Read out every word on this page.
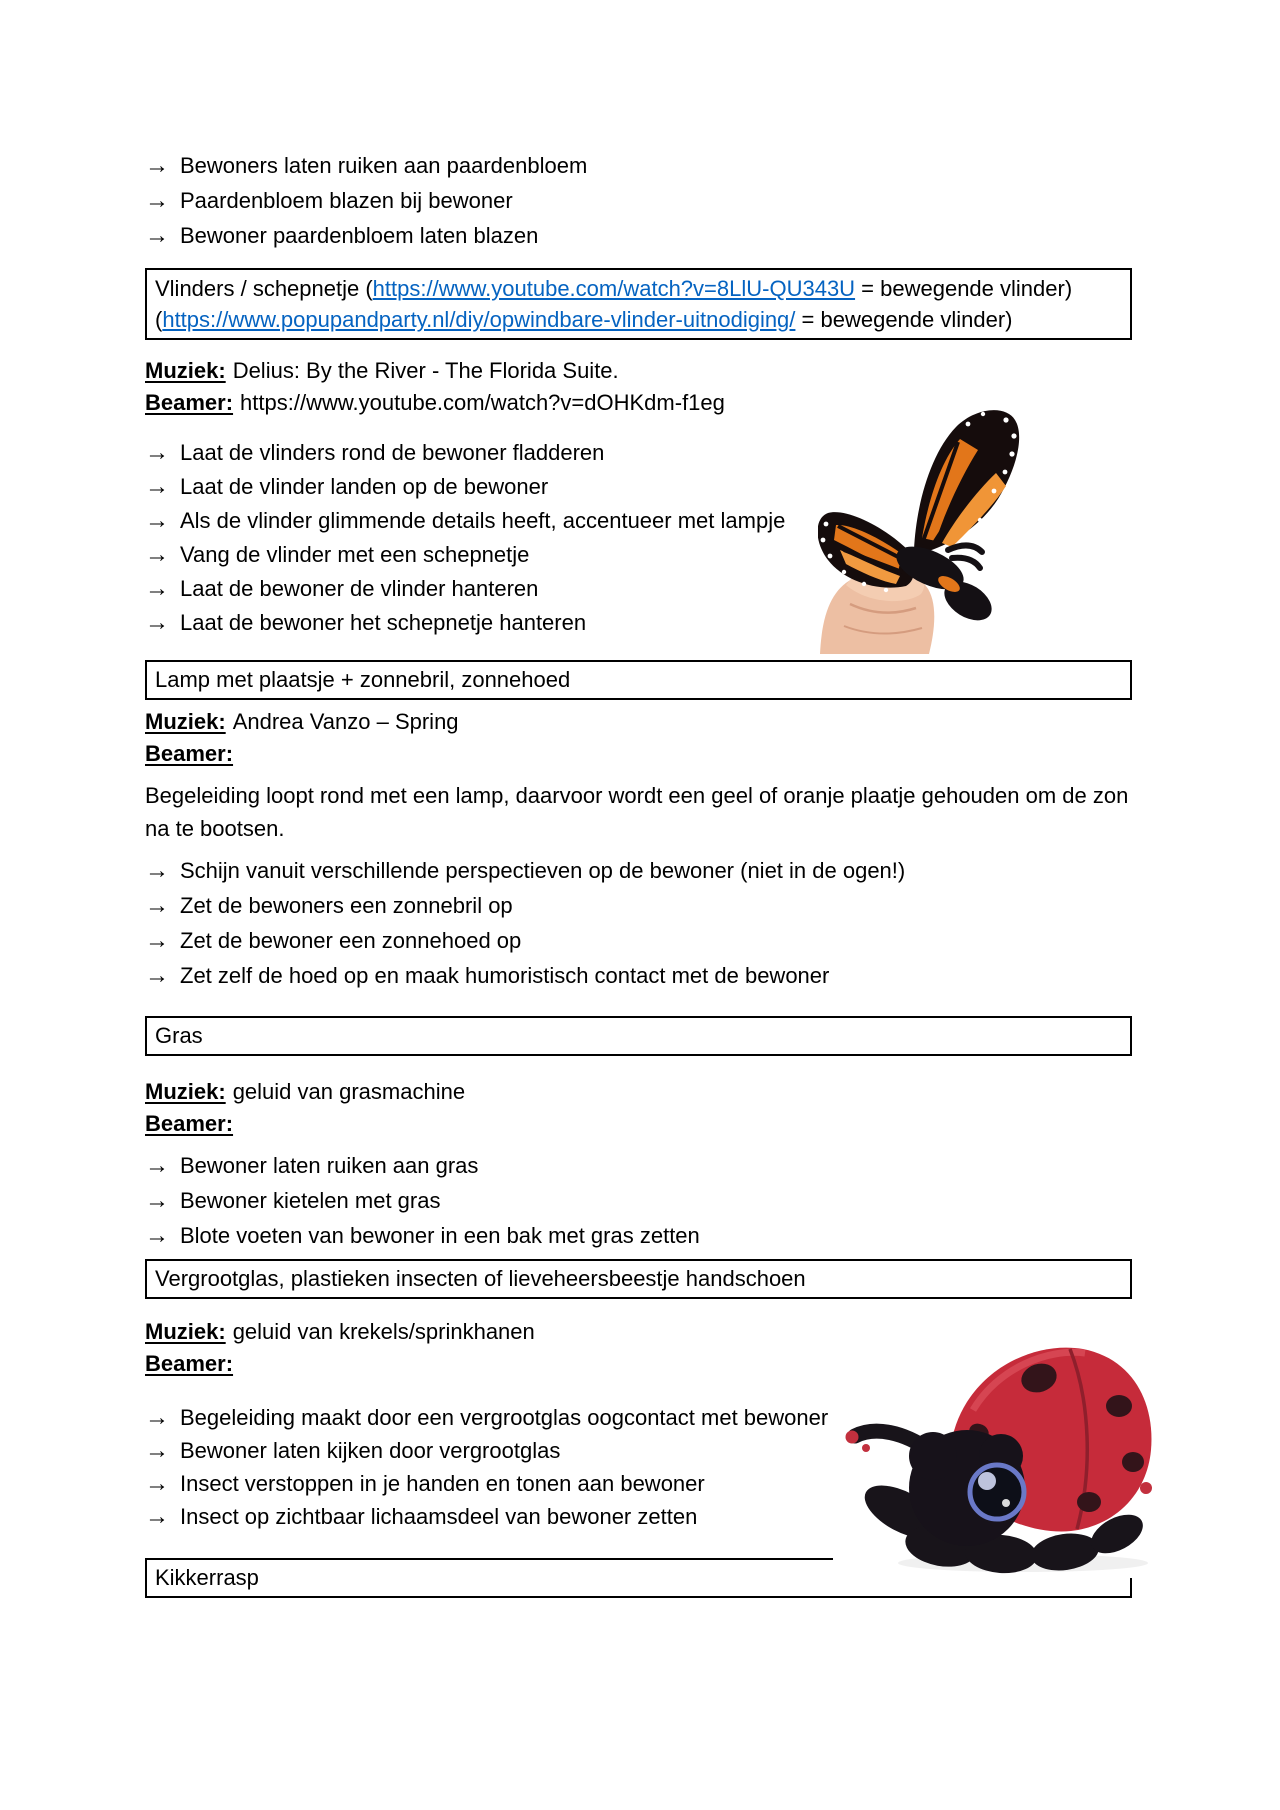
→ Bewoners laten ruiken aan paardenbloem
→ Paardenbloem blazen bij bewoner
→ Bewoner paardenbloem laten blazen
Vlinders / schepnetje (https://www.youtube.com/watch?v=8LlU-QU343U = bewegende vlinder)
(https://www.popupandparty.nl/diy/opwindbare-vlinder-uitnodiging/ = bewegende vlinder)
Muziek: Delius: By the River - The Florida Suite.
Beamer: https://www.youtube.com/watch?v=dOHKdm-f1eg
→ Laat de vlinders rond de bewoner fladderen
→ Laat de vlinder landen op de bewoner
→ Als de vlinder glimmende details heeft, accentueer met lampje
→ Vang de vlinder met een schepnetje
→ Laat de bewoner de vlinder hanteren
→ Laat de bewoner het schepnetje hanteren
Lamp met plaatsje + zonnebril, zonnehoed
Muziek: Andrea Vanzo – Spring
Beamer:
Begeleiding loopt rond met een lamp, daarvoor wordt een geel of oranje plaatje gehouden om de zon na te bootsen.
→ Schijn vanuit verschillende perspectieven op de bewoner (niet in de ogen!)
→ Zet de bewoners een zonnebril op
→ Zet de bewoner een zonnehoed op
→ Zet zelf de hoed op en maak humoristisch contact met de bewoner
Gras
Muziek: geluid van grasmachine
Beamer:
→ Bewoner laten ruiken aan gras
→ Bewoner kietelen met gras
→ Blote voeten van bewoner in een bak met gras zetten
Vergrootglas, plastieken insecten of lieveheersbeestje handschoen
Muziek: geluid van krekels/sprinkhanen
Beamer:
→ Begeleiding maakt door een vergrootglas oogcontact met bewoner
→ Bewoner laten kijken door vergrootglas
→ Insect verstoppen in je handen en tonen aan bewoner
→ Insect op zichtbaar lichaamsdeel van bewoner zetten
Kikkerrasp
